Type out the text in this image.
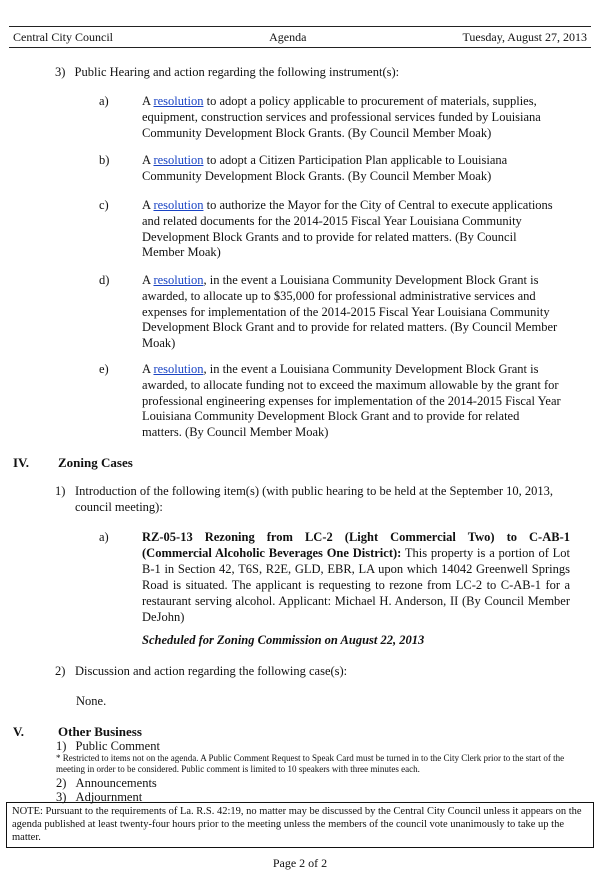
Central City Council	Agenda	Tuesday, August 27, 2013
3) Public Hearing and action regarding the following instrument(s):
a)	A resolution to adopt a policy applicable to procurement of materials, supplies, equipment, construction services and professional services funded by Louisiana Community Development Block Grants. (By Council Member Moak)
b)	A resolution to adopt a Citizen Participation Plan applicable to Louisiana Community Development Block Grants. (By Council Member Moak)
c)	A resolution to authorize the Mayor for the City of Central to execute applications and related documents for the 2014-2015 Fiscal Year Louisiana Community Development Block Grants and to provide for related matters. (By Council Member Moak)
d)	A resolution, in the event a Louisiana Community Development Block Grant is awarded, to allocate up to $35,000 for professional administrative services and expenses for implementation of the 2014-2015 Fiscal Year Louisiana Community Development Block Grant and to provide for related matters. (By Council Member Moak)
e)	A resolution, in the event a Louisiana Community Development Block Grant is awarded, to allocate funding not to exceed the maximum allowable by the grant for professional engineering expenses for implementation of the 2014-2015 Fiscal Year Louisiana Community Development Block Grant and to provide for related matters. (By Council Member Moak)
IV. Zoning Cases
1) Introduction of the following item(s) (with public hearing to be held at the September 10, 2013, council meeting):
a)	RZ-05-13 Rezoning from LC-2 (Light Commercial Two) to C-AB-1 (Commercial Alcoholic Beverages One District): This property is a portion of Lot B-1 in Section 42, T6S, R2E, GLD, EBR, LA upon which 14042 Greenwell Springs Road is situated. The applicant is requesting to rezone from LC-2 to C-AB-1 for a restaurant serving alcohol. Applicant: Michael H. Anderson, II (By Council Member DeJohn)
Scheduled for Zoning Commission on August 22, 2013
2) Discussion and action regarding the following case(s):
None.
V.	Other Business
1) Public Comment
* Restricted to items not on the agenda. A Public Comment Request to Speak Card must be turned in to the City Clerk prior to the start of the meeting in order to be considered. Public comment is limited to 10 speakers with three minutes each.
2) Announcements
3) Adjournment
NOTE: Pursuant to the requirements of La. R.S. 42:19, no matter may be discussed by the Central City Council unless it appears on the agenda published at least twenty-four hours prior to the meeting unless the members of the council vote unanimously to take up the matter.
Page 2 of 2
